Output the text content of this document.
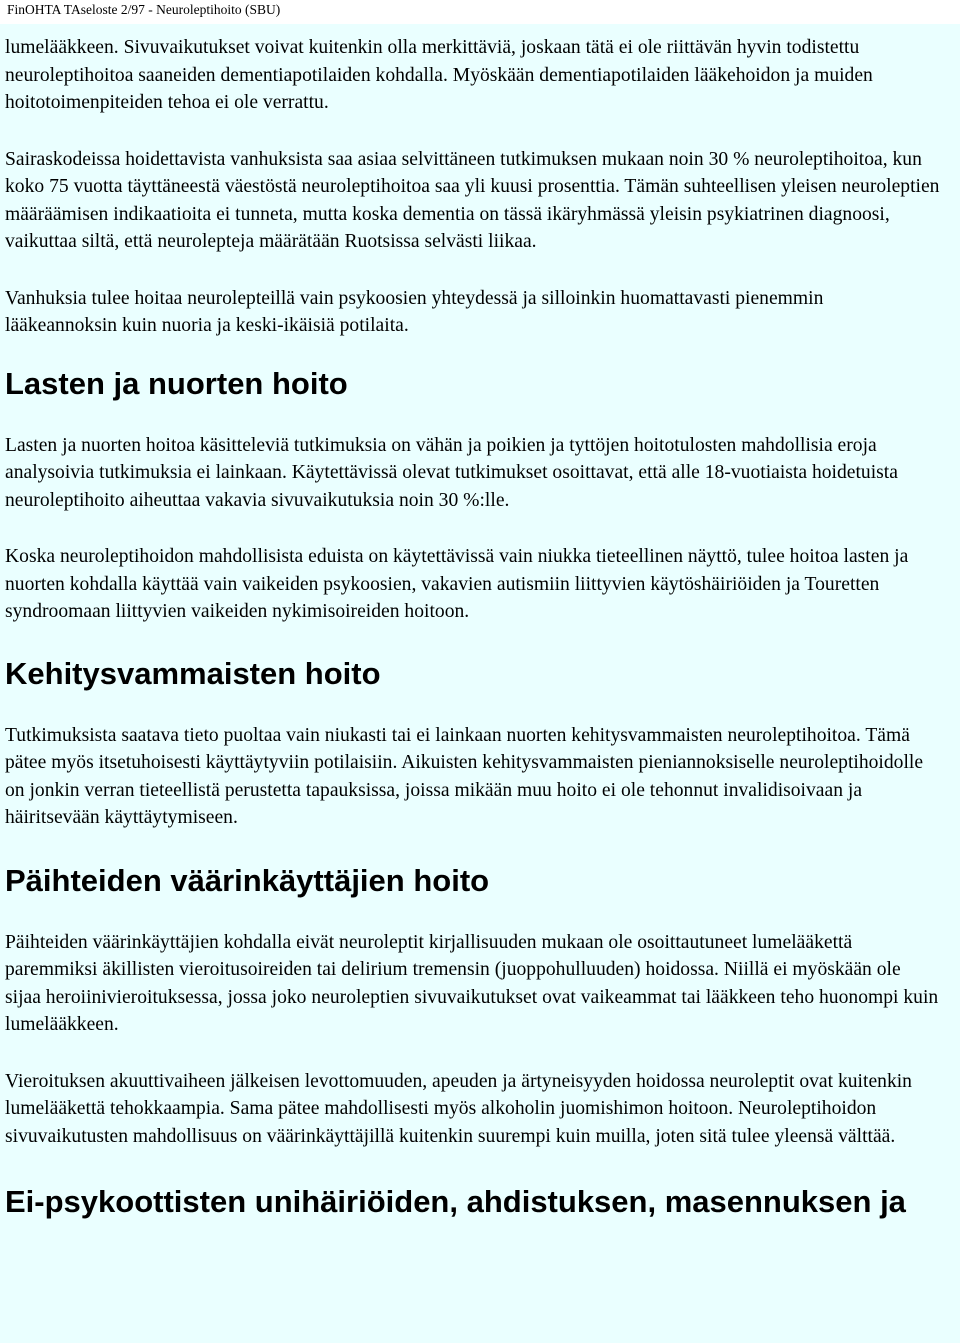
FinOHTA TAseloste 2/97 - Neuroleptihoito (SBU)

lumelääkkeen. Sivuvaikutukset voivat kuitenkin olla merkittäviä, joskaan tätä ei ole riittävän hyvin todistettu neuroleptihoitoa saaneiden dementiapotilaiden kohdalla. Myöskään dementiapotilaiden lääkehoidon ja muiden hoitotoimenpiteiden tehoa ei ole verrattu.

Sairaskodeissa hoidettavista vanhuksista saa asiaa selvittäneen tutkimuksen mukaan noin 30 % neuroleptihoitoa, kun koko 75 vuotta täyttäneestä väestöstä neuroleptihoitoa saa yli kuusi prosenttia. Tämän suhteellisen yleisen neuroleptien määräämisen indikaatioita ei tunneta, mutta koska dementia on tässä ikäryhmässä yleisin psykiatrinen diagnoosi, vaikuttaa siltä, että neurolepteja määrätään Ruotsissa selvästi liikaa.

Vanhuksia tulee hoitaa neurolepteillä vain psykoosien yhteydessä ja silloinkin huomattavasti pienemmin lääkeannoksin kuin nuoria ja keski-ikäisiä potilaita.

Lasten ja nuorten hoito

Lasten ja nuorten hoitoa käsitteleviä tutkimuksia on vähän ja poikien ja tyttöjen hoitotulosten mahdollisia eroja analysoivia tutkimuksia ei lainkaan. Käytettävissä olevat tutkimukset osoittavat, että alle 18-vuotiaista hoidetuista neuroleptihoito aiheuttaa vakavia sivuvaikutuksia noin 30 %:lle.

Koska neuroleptihoidon mahdollisista eduista on käytettävissä vain niukka tieteellinen näyttö, tulee hoitoa lasten ja nuorten kohdalla käyttää vain vaikeiden psykoosien, vakavien autismiin liittyvien käytöshäiriöiden ja Touretten syndroomaan liittyvien vaikeiden nykimisoireiden hoitoon.

Kehitysvammaisten hoito

Tutkimuksista saatava tieto puoltaa vain niukasti tai ei lainkaan nuorten kehitysvammaisten neuroleptihoitoa. Tämä pätee myös itsetuhoisesti käyttäytyviin potilaisiin. Aikuisten kehitysvammaisten pieniannoksiselle neuroleptihoidolle on jonkin verran tieteellistä perustetta tapauksissa, joissa mikään muu hoito ei ole tehonnut invalidisoivaan ja häiritsevään käyttäytymiseen.

Päihteiden väärinkäyttäjien hoito

Päihteiden väärinkäyttäjien kohdalla eivät neuroleptit kirjallisuuden mukaan ole osoittautuneet lumelääkettä paremmiksi äkillisten vieroitusoireiden tai delirium tremensin (juoppohulluuden) hoidossa. Niillä ei myöskään ole sijaa heroiinivieroituksessa, jossa joko neuroleptien sivuvaikutukset ovat vaikeammat tai lääkkeen teho huonompi kuin lumelääkkeen.

Vieroituksen akuuttivaiheen jälkeisen levottomuuden, apeuden ja ärtyneisyyden hoidossa neuroleptit ovat kuitenkin lumelääkettä tehokkaampia. Sama pätee mahdollisesti myös alkoholin juomishimon hoitoon. Neuroleptihoidon sivuvaikutusten mahdollisuus on väärinkäyttäjillä kuitenkin suurempi kuin muilla, joten sitä tulee yleensä välttää.

Ei-psykoottisten unihäiriöiden, ahdistuksen, masennuksen ja
